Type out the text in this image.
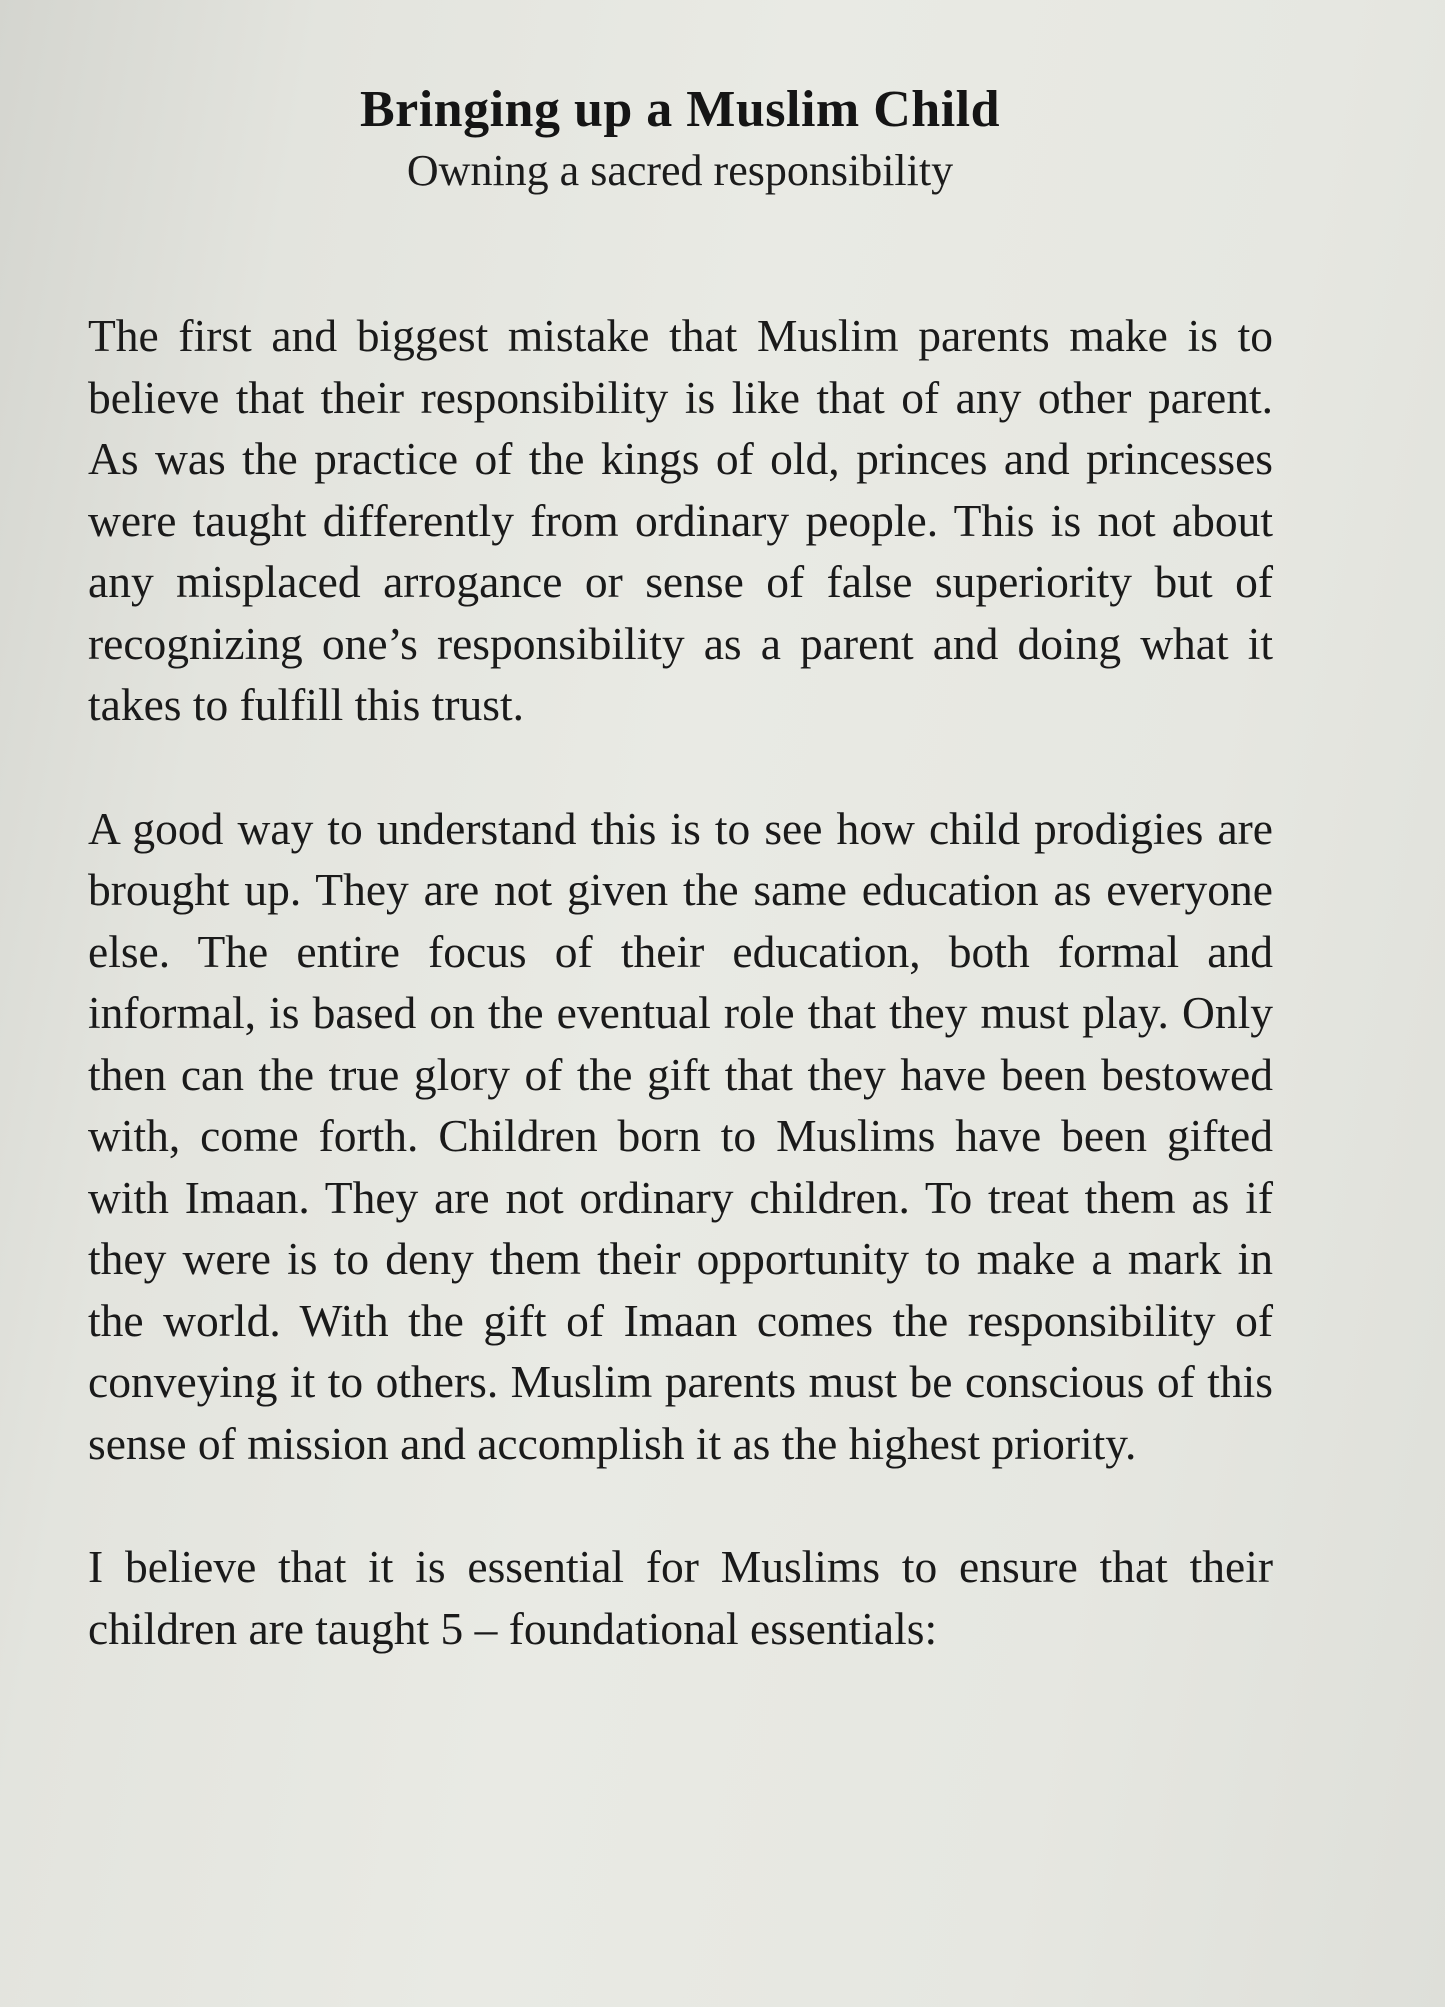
Bringing up a Muslim Child
Owning a sacred responsibility

The first and biggest mistake that Muslim parents make is to believe that their responsibility is like that of any other parent. As was the practice of the kings of old, princes and princesses were taught differently from ordinary people. This is not about any misplaced arrogance or sense of false superiority but of recognizing one’s responsibility as a parent and doing what it takes to fulfill this trust.

A good way to understand this is to see how child prodigies are brought up. They are not given the same education as everyone else. The entire focus of their education, both formal and informal, is based on the eventual role that they must play. Only then can the true glory of the gift that they have been bestowed with, come forth. Children born to Muslims have been gifted with Imaan. They are not ordinary children. To treat them as if they were is to deny them their opportunity to make a mark in the world. With the gift of Imaan comes the responsibility of conveying it to others. Muslim parents must be conscious of this sense of mission and accomplish it as the highest priority.

I believe that it is essential for Muslims to ensure that their children are taught 5 – foundational essentials:
